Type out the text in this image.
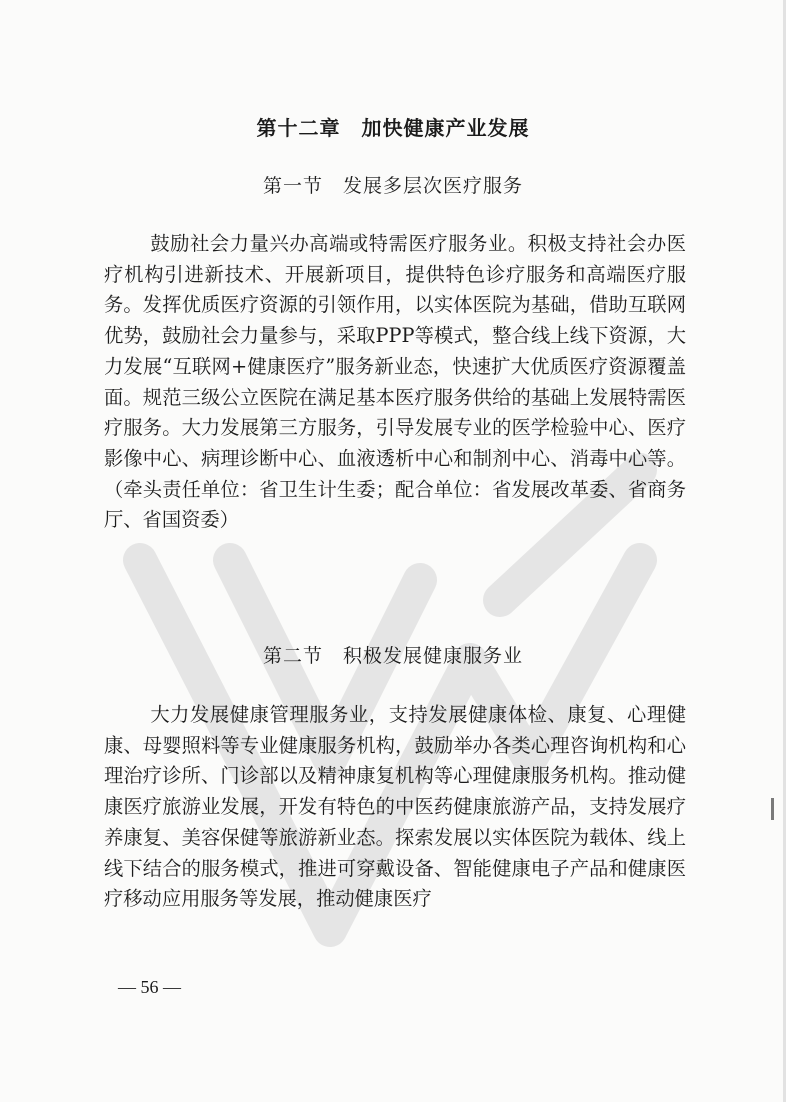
第十二章　加快健康产业发展
第一节　发展多层次医疗服务

鼓励社会力量兴办高端或特需医疗服务业。积极支持社会办医疗机构引进新技术、开展新项目，提供特色诊疗服务和高端医疗服务。发挥优质医疗资源的引领作用，以实体医院为基础，借助互联网优势，鼓励社会力量参与，采取PPP等模式，整合线上线下资源，大力发展“互联网+健康医疗”服务新业态，快速扩大优质医疗资源覆盖面。规范三级公立医院在满足基本医疗服务供给的基础上发展特需医疗服务。大力发展第三方服务，引导发展专业的医学检验中心、医疗影像中心、病理诊断中心、血液透析中心和制剂中心、消毒中心等。（牵头责任单位：省卫生计生委；配合单位：省发展改革委、省商务厅、省国资委）

第二节　积极发展健康服务业

大力发展健康管理服务业，支持发展健康体检、康复、心理健康、母婴照料等专业健康服务机构，鼓励举办各类心理咨询机构和心理治疗诊所、门诊部以及精神康复机构等心理健康服务机构。推动健康医疗旅游业发展，开发有特色的中医药健康旅游产品，支持发展疗养康复、美容保健等旅游新业态。探索发展以实体医院为载体、线上线下结合的服务模式，推进可穿戴设备、智能健康电子产品和健康医疗移动应用服务等发展，推动健康医疗

— 56 —
